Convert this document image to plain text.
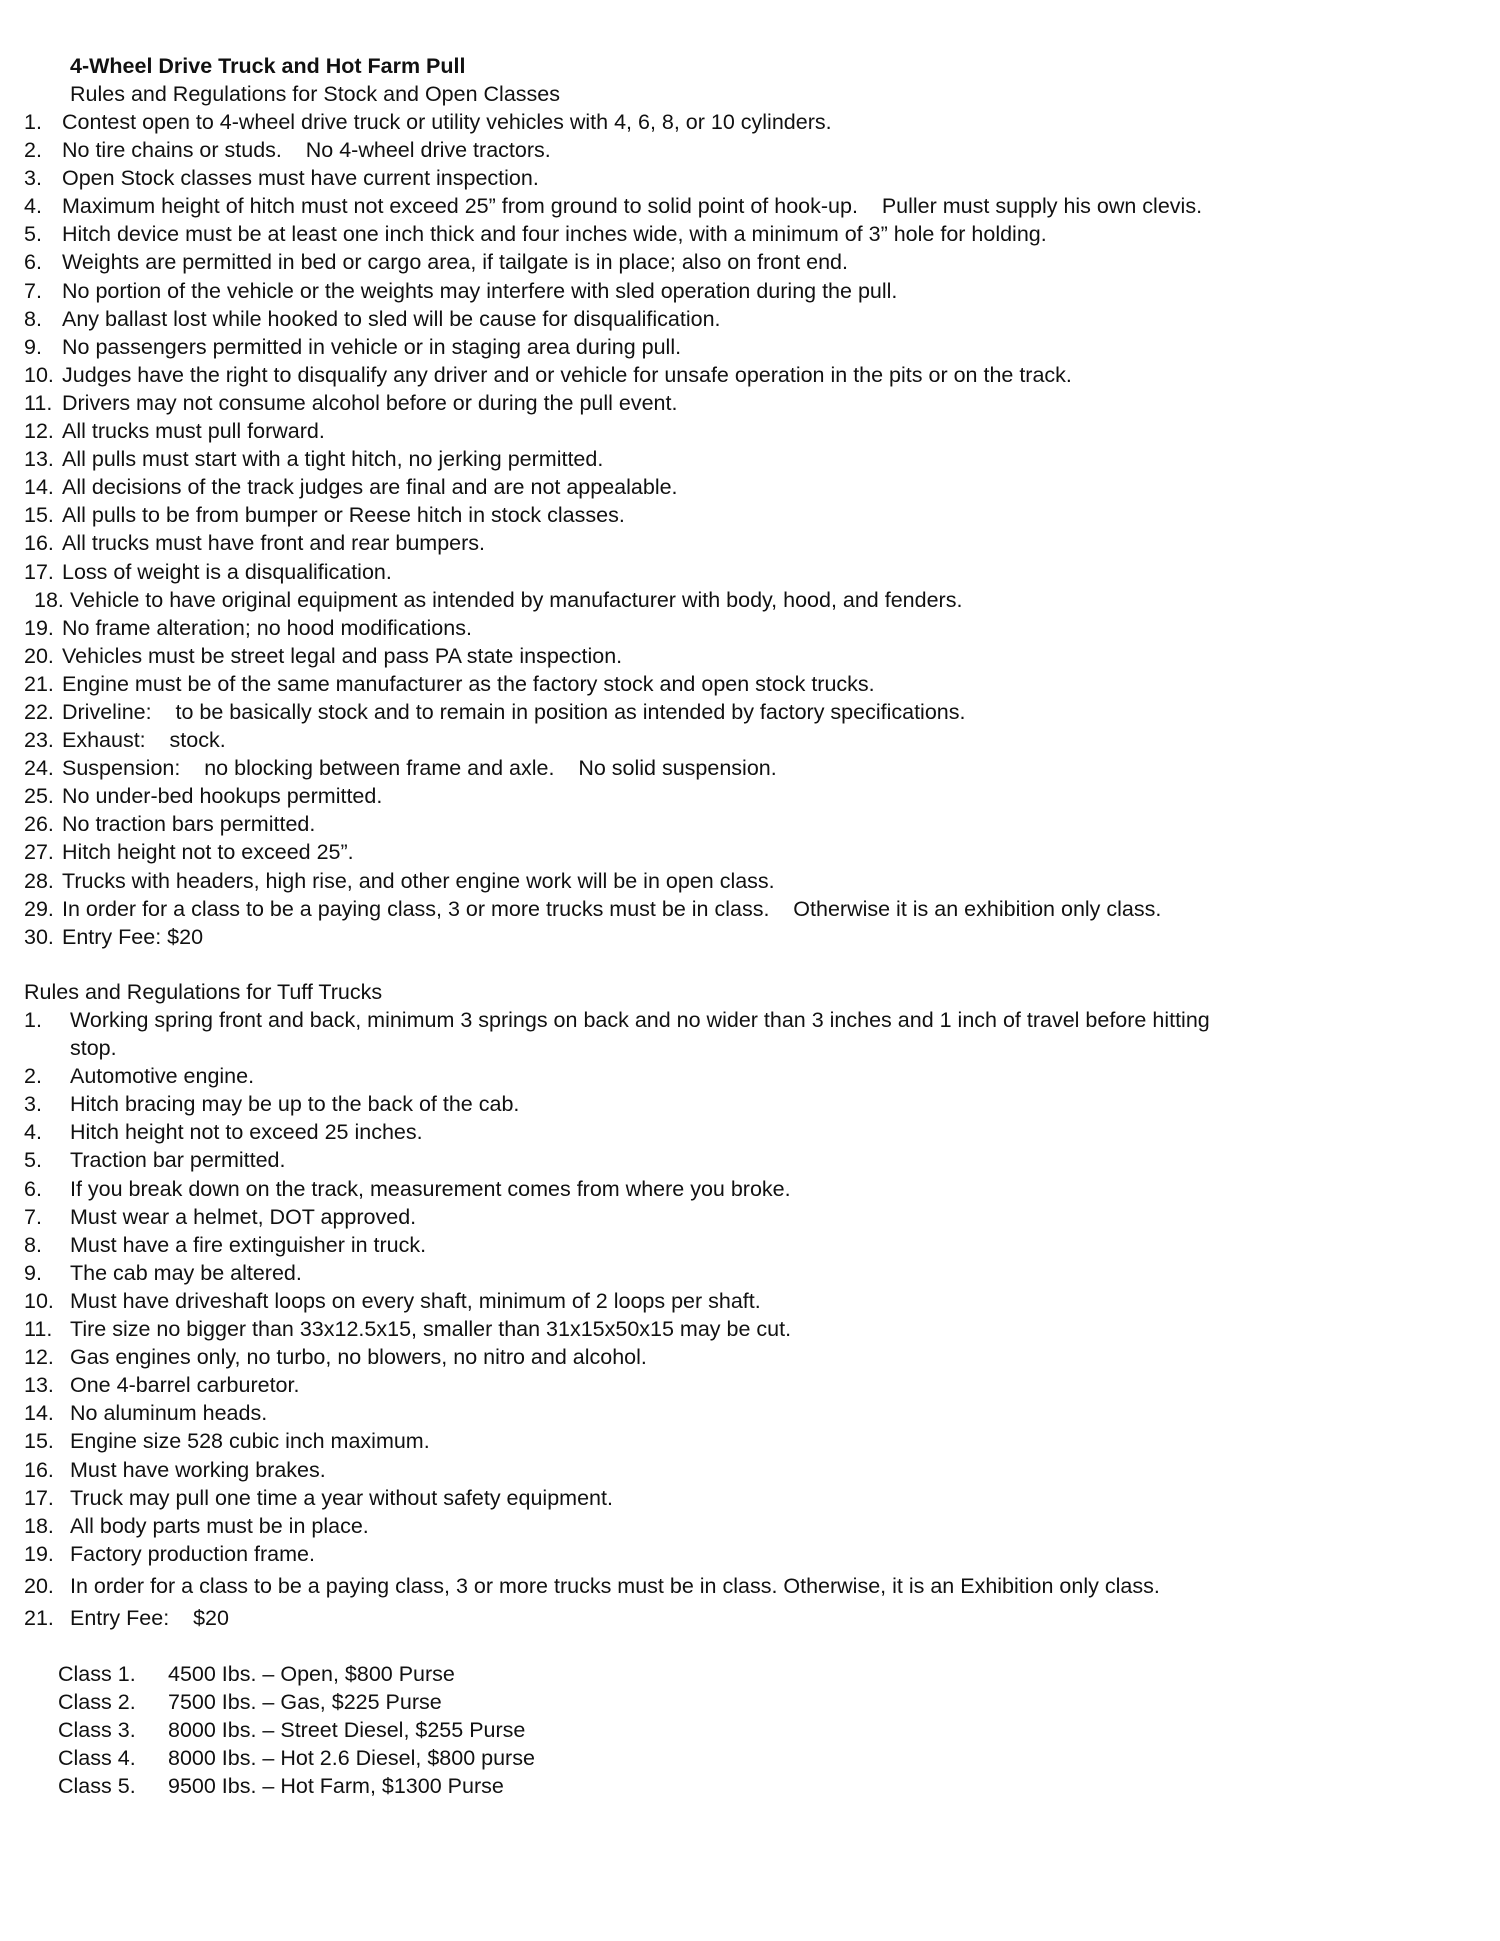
4-Wheel Drive Truck and Hot Farm Pull
Rules and Regulations for Stock and Open Classes
1. Contest open to 4-wheel drive truck or utility vehicles with 4, 6, 8, or 10 cylinders.
2. No tire chains or studs.    No 4-wheel drive tractors.
3. Open Stock classes must have current inspection.
4. Maximum height of hitch must not exceed 25” from ground to solid point of hook-up.    Puller must supply his own clevis.
5. Hitch device must be at least one inch thick and four inches wide, with a minimum of 3” hole for holding.
6. Weights are permitted in bed or cargo area, if tailgate is in place; also on front end.
7. No portion of the vehicle or the weights may interfere with sled operation during the pull.
8. Any ballast lost while hooked to sled will be cause for disqualification.
9. No passengers permitted in vehicle or in staging area during pull.
10. Judges have the right to disqualify any driver and or vehicle for unsafe operation in the pits or on the track.
11. Drivers may not consume alcohol before or during the pull event.
12. All trucks must pull forward.
13. All pulls must start with a tight hitch, no jerking permitted.
14. All decisions of the track judges are final and are not appealable.
15. All pulls to be from bumper or Reese hitch in stock classes.
16. All trucks must have front and rear bumpers.
17. Loss of weight is a disqualification.
18. Vehicle to have original equipment as intended by manufacturer with body, hood, and fenders.
19. No frame alteration; no hood modifications.
20. Vehicles must be street legal and pass PA state inspection.
21. Engine must be of the same manufacturer as the factory stock and open stock trucks.
22. Driveline:    to be basically stock and to remain in position as intended by factory specifications.
23. Exhaust:    stock.
24. Suspension:    no blocking between frame and axle.    No solid suspension.
25. No under-bed hookups permitted.
26. No traction bars permitted.
27. Hitch height not to exceed 25”.
28. Trucks with headers, high rise, and other engine work will be in open class.
29. In order for a class to be a paying class, 3 or more trucks must be in class.    Otherwise it is an exhibition only class.
30. Entry Fee: $20
Rules and Regulations for Tuff Trucks
1. Working spring front and back, minimum 3 springs on back and no wider than 3 inches and 1 inch of travel before hitting
stop.
2. Automotive engine.
3. Hitch bracing may be up to the back of the cab.
4. Hitch height not to exceed 25 inches.
5. Traction bar permitted.
6. If you break down on the track, measurement comes from where you broke.
7. Must wear a helmet, DOT approved.
8. Must have a fire extinguisher in truck.
9. The cab may be altered.
10. Must have driveshaft loops on every shaft, minimum of 2 loops per shaft.
11. Tire size no bigger than 33x12.5x15, smaller than 31x15x50x15 may be cut.
12. Gas engines only, no turbo, no blowers, no nitro and alcohol.
13. One 4-barrel carburetor.
14. No aluminum heads.
15. Engine size 528 cubic inch maximum.
16. Must have working brakes.
17. Truck may pull one time a year without safety equipment.
18. All body parts must be in place.
19. Factory production frame.
20. In order for a class to be a paying class, 3 or more trucks must be in class. Otherwise, it is an Exhibition only class.
21. Entry Fee:    $20
Class 1. 4500 Ibs. – Open, $800 Purse
Class 2. 7500 Ibs. – Gas, $225 Purse
Class 3. 8000 Ibs. – Street Diesel, $255 Purse
Class 4. 8000 Ibs. – Hot 2.6 Diesel, $800 purse
Class 5. 9500 Ibs. – Hot Farm, $1300 Purse
